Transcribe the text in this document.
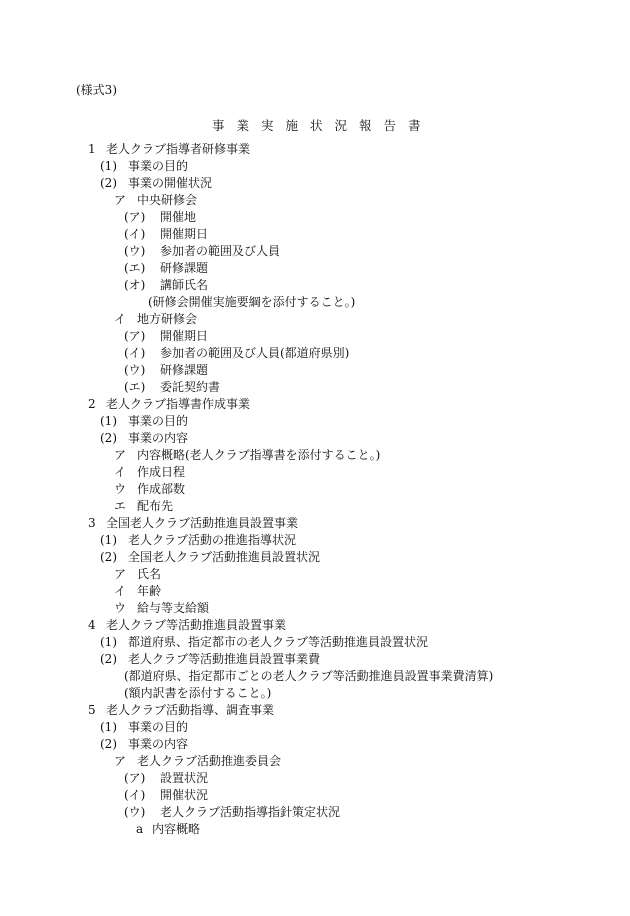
(様式3)
事業実施状況報告書
1 老人クラブ指導者研修事業
(1) 事業の目的
(2) 事業の開催状況
ア 中央研修会
(ア) 開催地
(イ) 開催期日
(ウ) 参加者の範囲及び人員
(エ) 研修課題
(オ) 講師氏名
(研修会開催実施要綱を添付すること。)
イ 地方研修会
(ア) 開催期日
(イ) 参加者の範囲及び人員(都道府県別)
(ウ) 研修課題
(エ) 委託契約書
2 老人クラブ指導書作成事業
(1) 事業の目的
(2) 事業の内容
ア 内容概略(老人クラブ指導書を添付すること。)
イ 作成日程
ウ 作成部数
エ 配布先
3 全国老人クラブ活動推進員設置事業
(1) 老人クラブ活動の推進指導状況
(2) 全国老人クラブ活動推進員設置状況
ア 氏名
イ 年齢
ウ 給与等支給額
4 老人クラブ等活動推進員設置事業
(1) 都道府県、指定都市の老人クラブ等活動推進員設置状況
(2) 老人クラブ等活動推進員設置事業費
(都道府県、指定都市ごとの老人クラブ等活動推進員設置事業費清算)
(額内訳書を添付すること。)
5 老人クラブ活動指導、調査事業
(1) 事業の目的
(2) 事業の内容
ア 老人クラブ活動推進委員会
(ア) 設置状況
(イ) 開催状況
(ウ) 老人クラブ活動指導指針策定状況
a 内容概略
